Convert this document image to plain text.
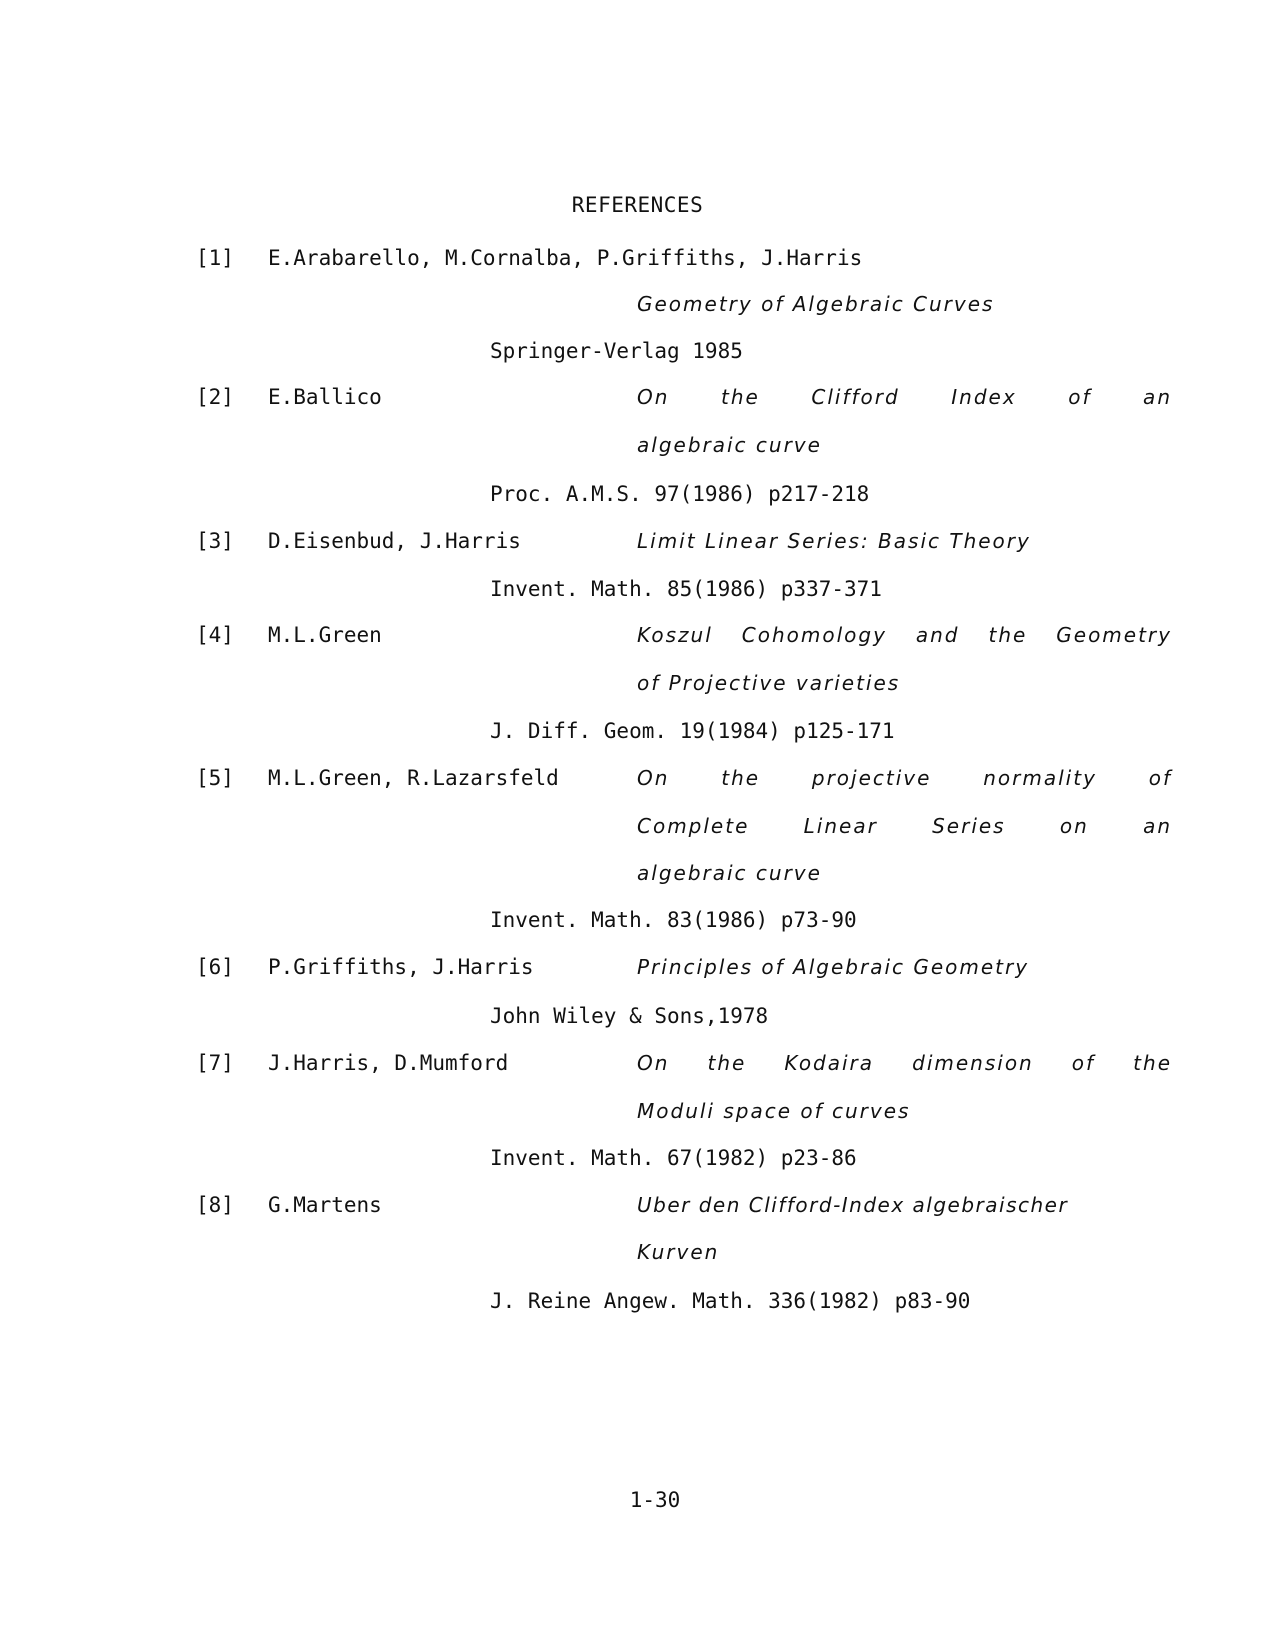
REFERENCES
[1] E.Arabarello, M.Cornalba, P.Griffiths, J.Harris
Geometry of Algebraic Curves
Springer-Verlag 1985
[2] E.Ballico	On the Clifford Index of an
algebraic curve
Proc. A.M.S. 97(1986) p217-218
[3] D.Eisenbud, J.Harris	Limit Linear Series: Basic Theory
Invent. Math. 85(1986) p337-371
[4] M.L.Green	Koszul Cohomology and the Geometry
of Projective varieties
J. Diff. Geom. 19(1984) p125-171
[5] M.L.Green, R.Lazarsfeld	On the projective normality of
Complete Linear Series on an
algebraic curve
Invent. Math. 83(1986) p73-90
[6] P.Griffiths, J.Harris	Principles of Algebraic Geometry
John Wiley & Sons,1978
[7] J.Harris, D.Mumford	On the Kodaira dimension of the
Moduli space of curves
Invent. Math. 67(1982) p23-86
[8] G.Martens	Uber den Clifford-Index algebraischer
Kurven
J. Reine Angew. Math. 336(1982) p83-90
1-30
